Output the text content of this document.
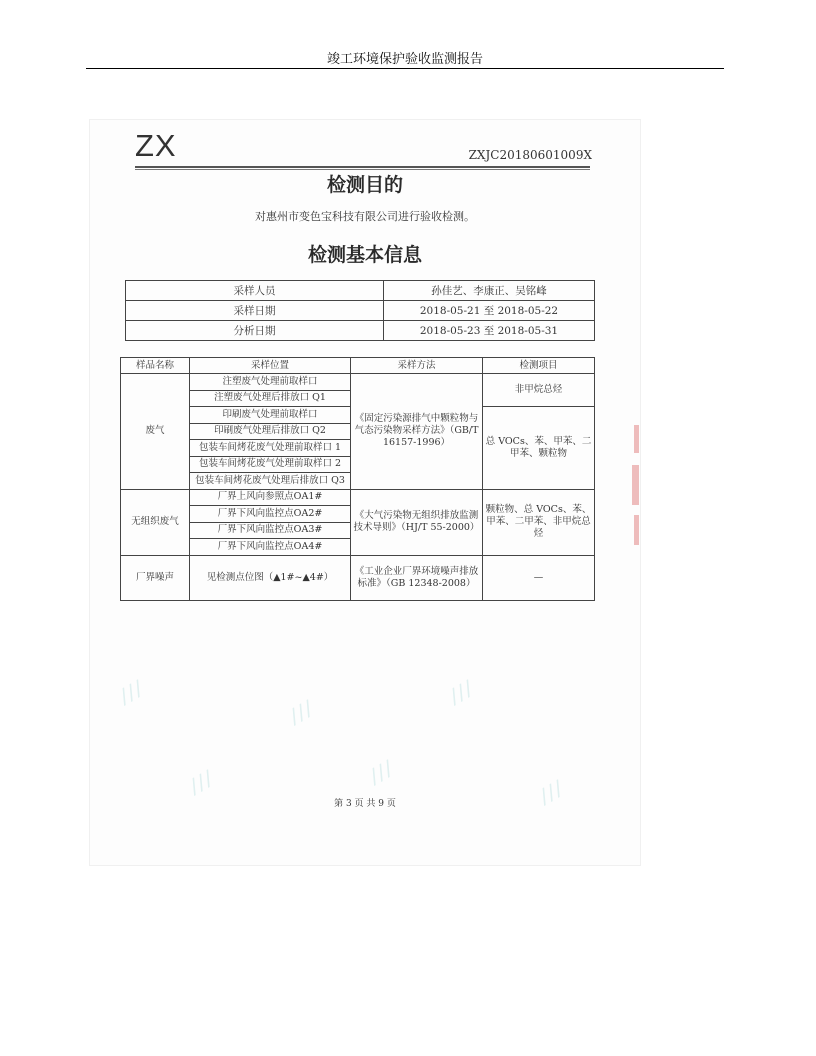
竣工环境保护验收监测报告
ZX	ZXJC20180601009X
检测目的
对惠州市变色宝科技有限公司进行验收检测。
检测基本信息
采样人员	孙佳艺、李康正、吴铭峰
采样日期	2018-05-21 至 2018-05-22
分析日期	2018-05-23 至 2018-05-31
样品名称	采样位置	采样方法	检测项目
废气	注塑废气处理前取样口	《固定污染源排气中颗粒物与气态污染物采样方法》（GB/T 16157-1996）	非甲烷总烃
	注塑废气处理后排放口 Q1		
	印刷废气处理前取样口		总 VOCs、苯、甲苯、二甲苯、颗粒物
	印刷废气处理后排放口 Q2		
	包装车间烤花废气处理前取样口 1		
	包装车间烤花废气处理前取样口 2		
	包装车间烤花废气处理后排放口 Q3		
无组织废气	厂界上风向参照点OA1#	《大气污染物无组织排放监测技术导则》（HJ/T 55-2000）	颗粒物、总 VOCs、苯、甲苯、二甲苯、非甲烷总烃
	厂界下风向监控点OA2#		
	厂界下风向监控点OA3#		
	厂界下风向监控点OA4#		
厂界噪声	见检测点位图（▲1#~▲4#）	《工业企业厂界环境噪声排放标准》（GB 12348-2008）	—
///
///
///
///	///
///
第 3 页 共 9 页
